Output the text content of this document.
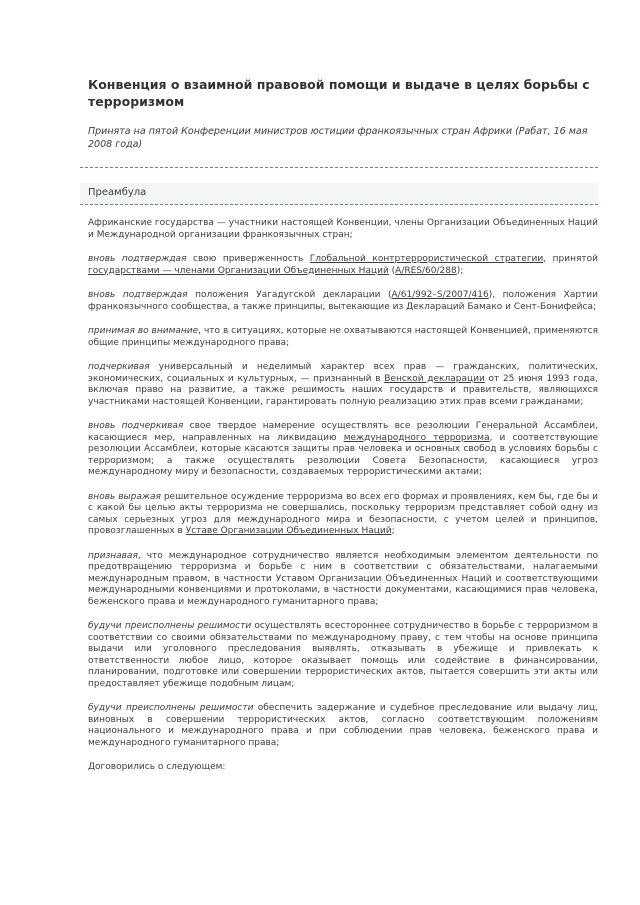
Конвенция о взаимной правовой помощи и выдаче в целях борьбы с терроризмом

Принята на пятой Конференции министров юстиции франкоязычных стран Африки (Рабат, 16 мая 2008 года)

Преамбула

Африканские государства — участники настоящей Конвенции, члены Организации Объединенных Наций и Международной организации франкоязычных стран;

вновь подтверждая свою приверженность Глобальной контртеррористической стратегии, принятой государствами — членами Организации Объединенных Наций (A/RES/60/288);

вновь подтверждая положения Уагадугской декларации (A/61/992–S/2007/416), положения Хартии франкоязычного сообщества, а также принципы, вытекающие из Деклараций Бамако и Сент-Бонифейса;

принимая во внимание, что в ситуациях, которые не охватываются настоящей Конвенцией, применяются общие принципы международного права;

подчеркивая универсальный и неделимый характер всех прав — гражданских, политических, экономических, социальных и культурных, — признанный в Венской декларации от 25 июня 1993 года, включая право на развитие, а также решимость наших государств и правительств, являющихся участниками настоящей Конвенции, гарантировать полную реализацию этих прав всеми гражданами;

вновь подчеркивая свое твердое намерение осуществлять все резолюции Генеральной Ассамблеи, касающиеся мер, направленных на ликвидацию международного терроризма, и соответствующие резолюции Ассамблеи, которые касаются защиты прав человека и основных свобод в условиях борьбы с терроризмом; а также осуществлять резолюции Совета Безопасности, касающиеся угроз международному миру и безопасности, создаваемых террористическими актами;

вновь выражая решительное осуждение терроризма во всех его формах и проявлениях, кем бы, где бы и с какой бы целью акты терроризма не совершались, поскольку терроризм представляет собой одну из самых серьезных угроз для международного мира и безопасности, с учетом целей и принципов, провозглашенных в Уставе Организации Объединенных Наций;

признавая, что международное сотрудничество является необходимым элементом деятельности по предотвращению терроризма и борьбе с ним в соответствии с обязательствами, налагаемыми международным правом, в частности Уставом Организации Объединенных Наций и соответствующими международными конвенциями и протоколами, в частности документами, касающимися прав человека, беженского права и международного гуманитарного права;

будучи преисполнены решимости осуществлять всестороннее сотрудничество в борьбе с терроризмом в соответствии со своими обязательствами по международному праву, с тем чтобы на основе принципа выдачи или уголовного преследования выявлять, отказывать в убежище и привлекать к ответственности любое лицо, которое оказывает помощь или содействие в финансировании, планировании, подготовке или совершении террористических актов, пытается совершить эти акты или предоставляет убежище подобным лицам;

будучи преисполнены решимости обеспечить задержание и судебное преследование или выдачу лиц, виновных в совершении террористических актов, согласно соответствующим положениям национального и международного права и при соблюдении прав человека, беженского права и международного гуманитарного права;

Договорились о следующем:
